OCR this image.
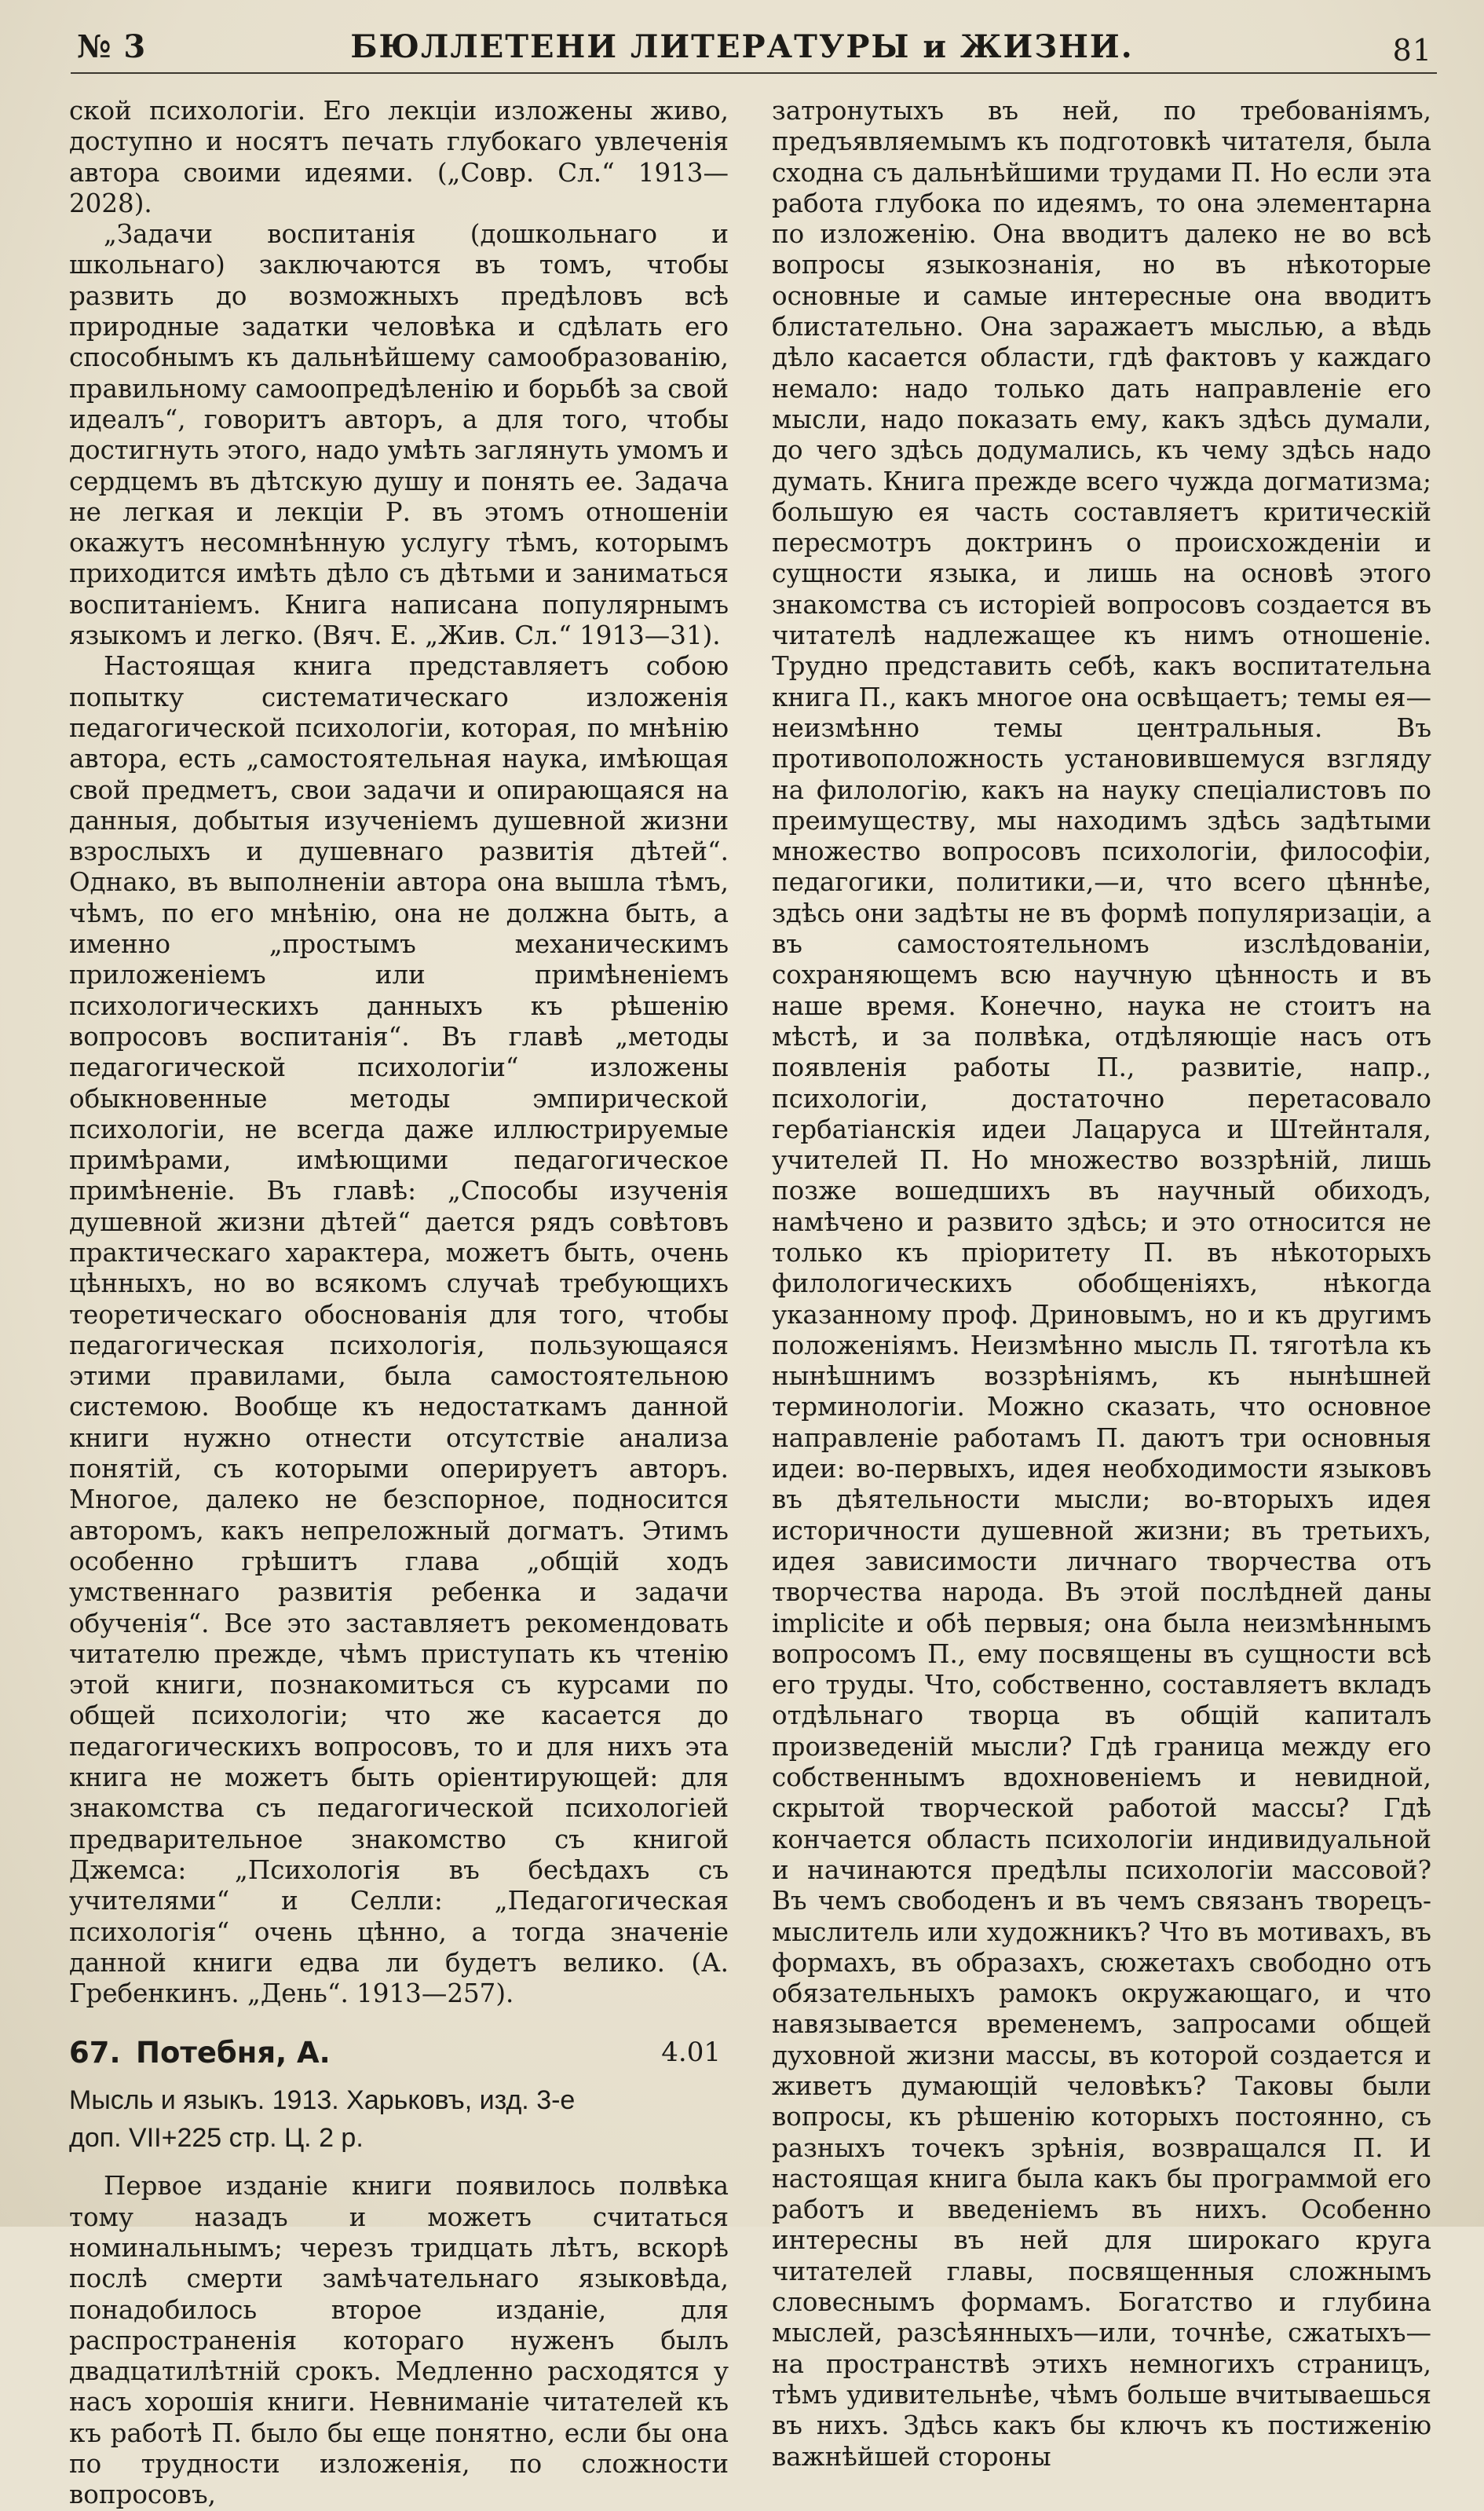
№ 3	БЮЛЛЕТЕНИ ЛИТЕРАТУРЫ и ЖИЗНИ.	81

ской психологіи. Его лекціи изложены живо, доступно и носятъ печать глубокаго увлеченія автора своими идеями. („Совр. Сл.“ 1913—2028).

„Задачи воспитанія (дошкольнаго и школьнаго) заключаются въ томъ, чтобы развить до возможныхъ предѣловъ всѣ природные задатки человѣка и сдѣлать его способнымъ къ дальнѣйшему самообразованію, правильному самоопредѣленію и борьбѣ за свой идеалъ“, говоритъ авторъ, а для того, чтобы достигнуть этого, надо умѣть заглянуть умомъ и сердцемъ въ дѣтскую душу и понять ее. Задача не легкая и лекціи Р. въ этомъ отношеніи окажутъ несомнѣнную услугу тѣмъ, которымъ приходится имѣть дѣло съ дѣтьми и заниматься воспитаніемъ. Книга написана популярнымъ языкомъ и легко. (Вяч. Е. „Жив. Сл.“ 1913—31).

Настоящая книга представляетъ собою попытку систематическаго изложенія педагогической психологіи, которая, по мнѣнію автора, есть „самостоятельная наука, имѣющая свой предметъ, свои задачи и опирающаяся на данныя, добытыя изученіемъ душевной жизни взрослыхъ и душевнаго развитія дѣтей“. Однако, въ выполненіи автора она вышла тѣмъ, чѣмъ, по его мнѣнію, она не должна быть, а именно „простымъ механическимъ приложеніемъ или примѣненіемъ психологическихъ данныхъ къ рѣшенію вопросовъ воспитанія“. Въ главѣ „методы педагогической психологіи“ изложены обыкновенные методы эмпирической психологіи, не всегда даже иллюстрируемые примѣрами, имѣющими педагогическое примѣненіе. Въ главѣ: „Способы изученія душевной жизни дѣтей“ дается рядъ совѣтовъ практическаго характера, можетъ быть, очень цѣнныхъ, но во всякомъ случаѣ требующихъ теоретическаго обоснованія для того, чтобы педагогическая психологія, пользующаяся этими правилами, была самостоятельною системою. Вообще къ недостаткамъ данной книги нужно отнести отсутствіе анализа понятій, съ которыми оперируетъ авторъ. Многое, далеко не безспорное, подносится авторомъ, какъ непреложный догматъ. Этимъ особенно грѣшитъ глава „общій ходъ умственнаго развитія ребенка и задачи обученія“. Все это заставляетъ рекомендовать читателю прежде, чѣмъ приступать къ чтенію этой книги, познакомиться съ курсами по общей психологіи; что же касается до педагогическихъ вопросовъ, то и для нихъ эта книга не можетъ быть оріентирующей: для знакомства съ педагогической психологіей предварительное знакомство съ книгой Джемса: „Психологія въ бесѣдахъ съ учителями“ и Селли: „Педагогическая психологія“ очень цѣнно, а тогда значеніе данной книги едва ли будетъ велико. (А. Гребенкинъ. „День“. 1913—257).

67. Потебня, А.	4.01
Мысль и языкъ. 1913. Харьковъ, изд. 3-е
доп. VII+225 стр. Ц. 2 р.

Первое изданіе книги появилось полвѣка тому назадъ и можетъ считаться номинальнымъ; черезъ тридцать лѣтъ, вскорѣ послѣ смерти замѣчательнаго языковѣда, понадобилось второе изданіе, для распространенія котораго нуженъ былъ двадцатилѣтній срокъ. Медленно расходятся у насъ хорошія книги. Невниманіе читателей къ къ работѣ П. было бы еще понятно, если бы она по трудности изложенія, по сложности вопросовъ,

затронутыхъ въ ней, по требованіямъ, предъявляемымъ къ подготовкѣ читателя, была сходна съ дальнѣйшими трудами П. Но если эта работа глубока по идеямъ, то она элементарна по изложенію. Она вводитъ далеко не во всѣ вопросы языкознанія, но въ нѣкоторые основные и самые интересные она вводитъ блистательно. Она заражаетъ мыслью, а вѣдь дѣло касается области, гдѣ фактовъ у каждаго немало: надо только дать направленіе его мысли, надо показать ему, какъ здѣсь думали, до чего здѣсь додумались, къ чему здѣсь надо думать. Книга прежде всего чужда догматизма; большую ея часть составляетъ критическій пересмотръ доктринъ о происхожденіи и сущности языка, и лишь на основѣ этого знакомства съ исторіей вопросовъ создается въ читателѣ надлежащее къ нимъ отношеніе. Трудно представить себѣ, какъ воспитательна книга П., какъ многое она освѣщаетъ; темы ея—неизмѣнно темы центральныя. Въ противоположность установившемуся взгляду на филологію, какъ на науку спеціалистовъ по преимуществу, мы находимъ здѣсь задѣтыми множество вопросовъ психологіи, философіи, педагогики, политики,—и, что всего цѣннѣе, здѣсь они задѣты не въ формѣ популяризаціи, а въ самостоятельномъ изслѣдованіи, сохраняющемъ всю научную цѣнность и въ наше время. Конечно, наука не стоитъ на мѣстѣ, и за полвѣка, отдѣляющіе насъ отъ появленія работы П., развитіе, напр., психологіи, достаточно перетасовало гербатіанскія идеи Лацаруса и Штейнталя, учителей П. Но множество воззрѣній, лишь позже вошедшихъ въ научный обиходъ, намѣчено и развито здѣсь; и это относится не только къ пріоритету П. въ нѣкоторыхъ филологическихъ обобщеніяхъ, нѣкогда указанному проф. Дриновымъ, но и къ другимъ положеніямъ. Неизмѣнно мысль П. тяготѣла къ нынѣшнимъ воззрѣніямъ, къ нынѣшней терминологіи. Можно сказать, что основное направленіе работамъ П. даютъ три основныя идеи: во-первыхъ, идея необходимости языковъ въ дѣятельности мысли; во-вторыхъ идея историчности душевной жизни; въ третьихъ, идея зависимости личнаго творчества отъ творчества народа. Въ этой послѣдней даны implicite и обѣ первыя; она была неизмѣннымъ вопросомъ П., ему посвящены въ сущности всѣ его труды. Что, собственно, составляетъ вкладъ отдѣльнаго творца въ общій капиталъ произведеній мысли? Гдѣ граница между его собственнымъ вдохновеніемъ и невидной, скрытой творческой работой массы? Гдѣ кончается область психологіи индивидуальной и начинаются предѣлы психологіи массовой? Въ чемъ свободенъ и въ чемъ связанъ творецъ-мыслитель или художникъ? Что въ мотивахъ, въ формахъ, въ образахъ, сюжетахъ свободно отъ обязательныхъ рамокъ окружающаго, и что навязывается временемъ, запросами общей духовной жизни массы, въ которой создается и живетъ думающій человѣкъ? Таковы были вопросы, къ рѣшенію которыхъ постоянно, съ разныхъ точекъ зрѣнія, возвращался П. И настоящая книга была какъ бы программой его работъ и введеніемъ въ нихъ. Особенно интересны въ ней для широкаго круга читателей главы, посвященныя сложнымъ словеснымъ формамъ. Богатство и глубина мыслей, разсѣянныхъ—или, точнѣе, сжатыхъ—на пространствѣ этихъ немногихъ страницъ, тѣмъ удивительнѣе, чѣмъ больше вчитываешься въ нихъ. Здѣсь какъ бы ключъ къ постиженію важнѣйшей стороны
